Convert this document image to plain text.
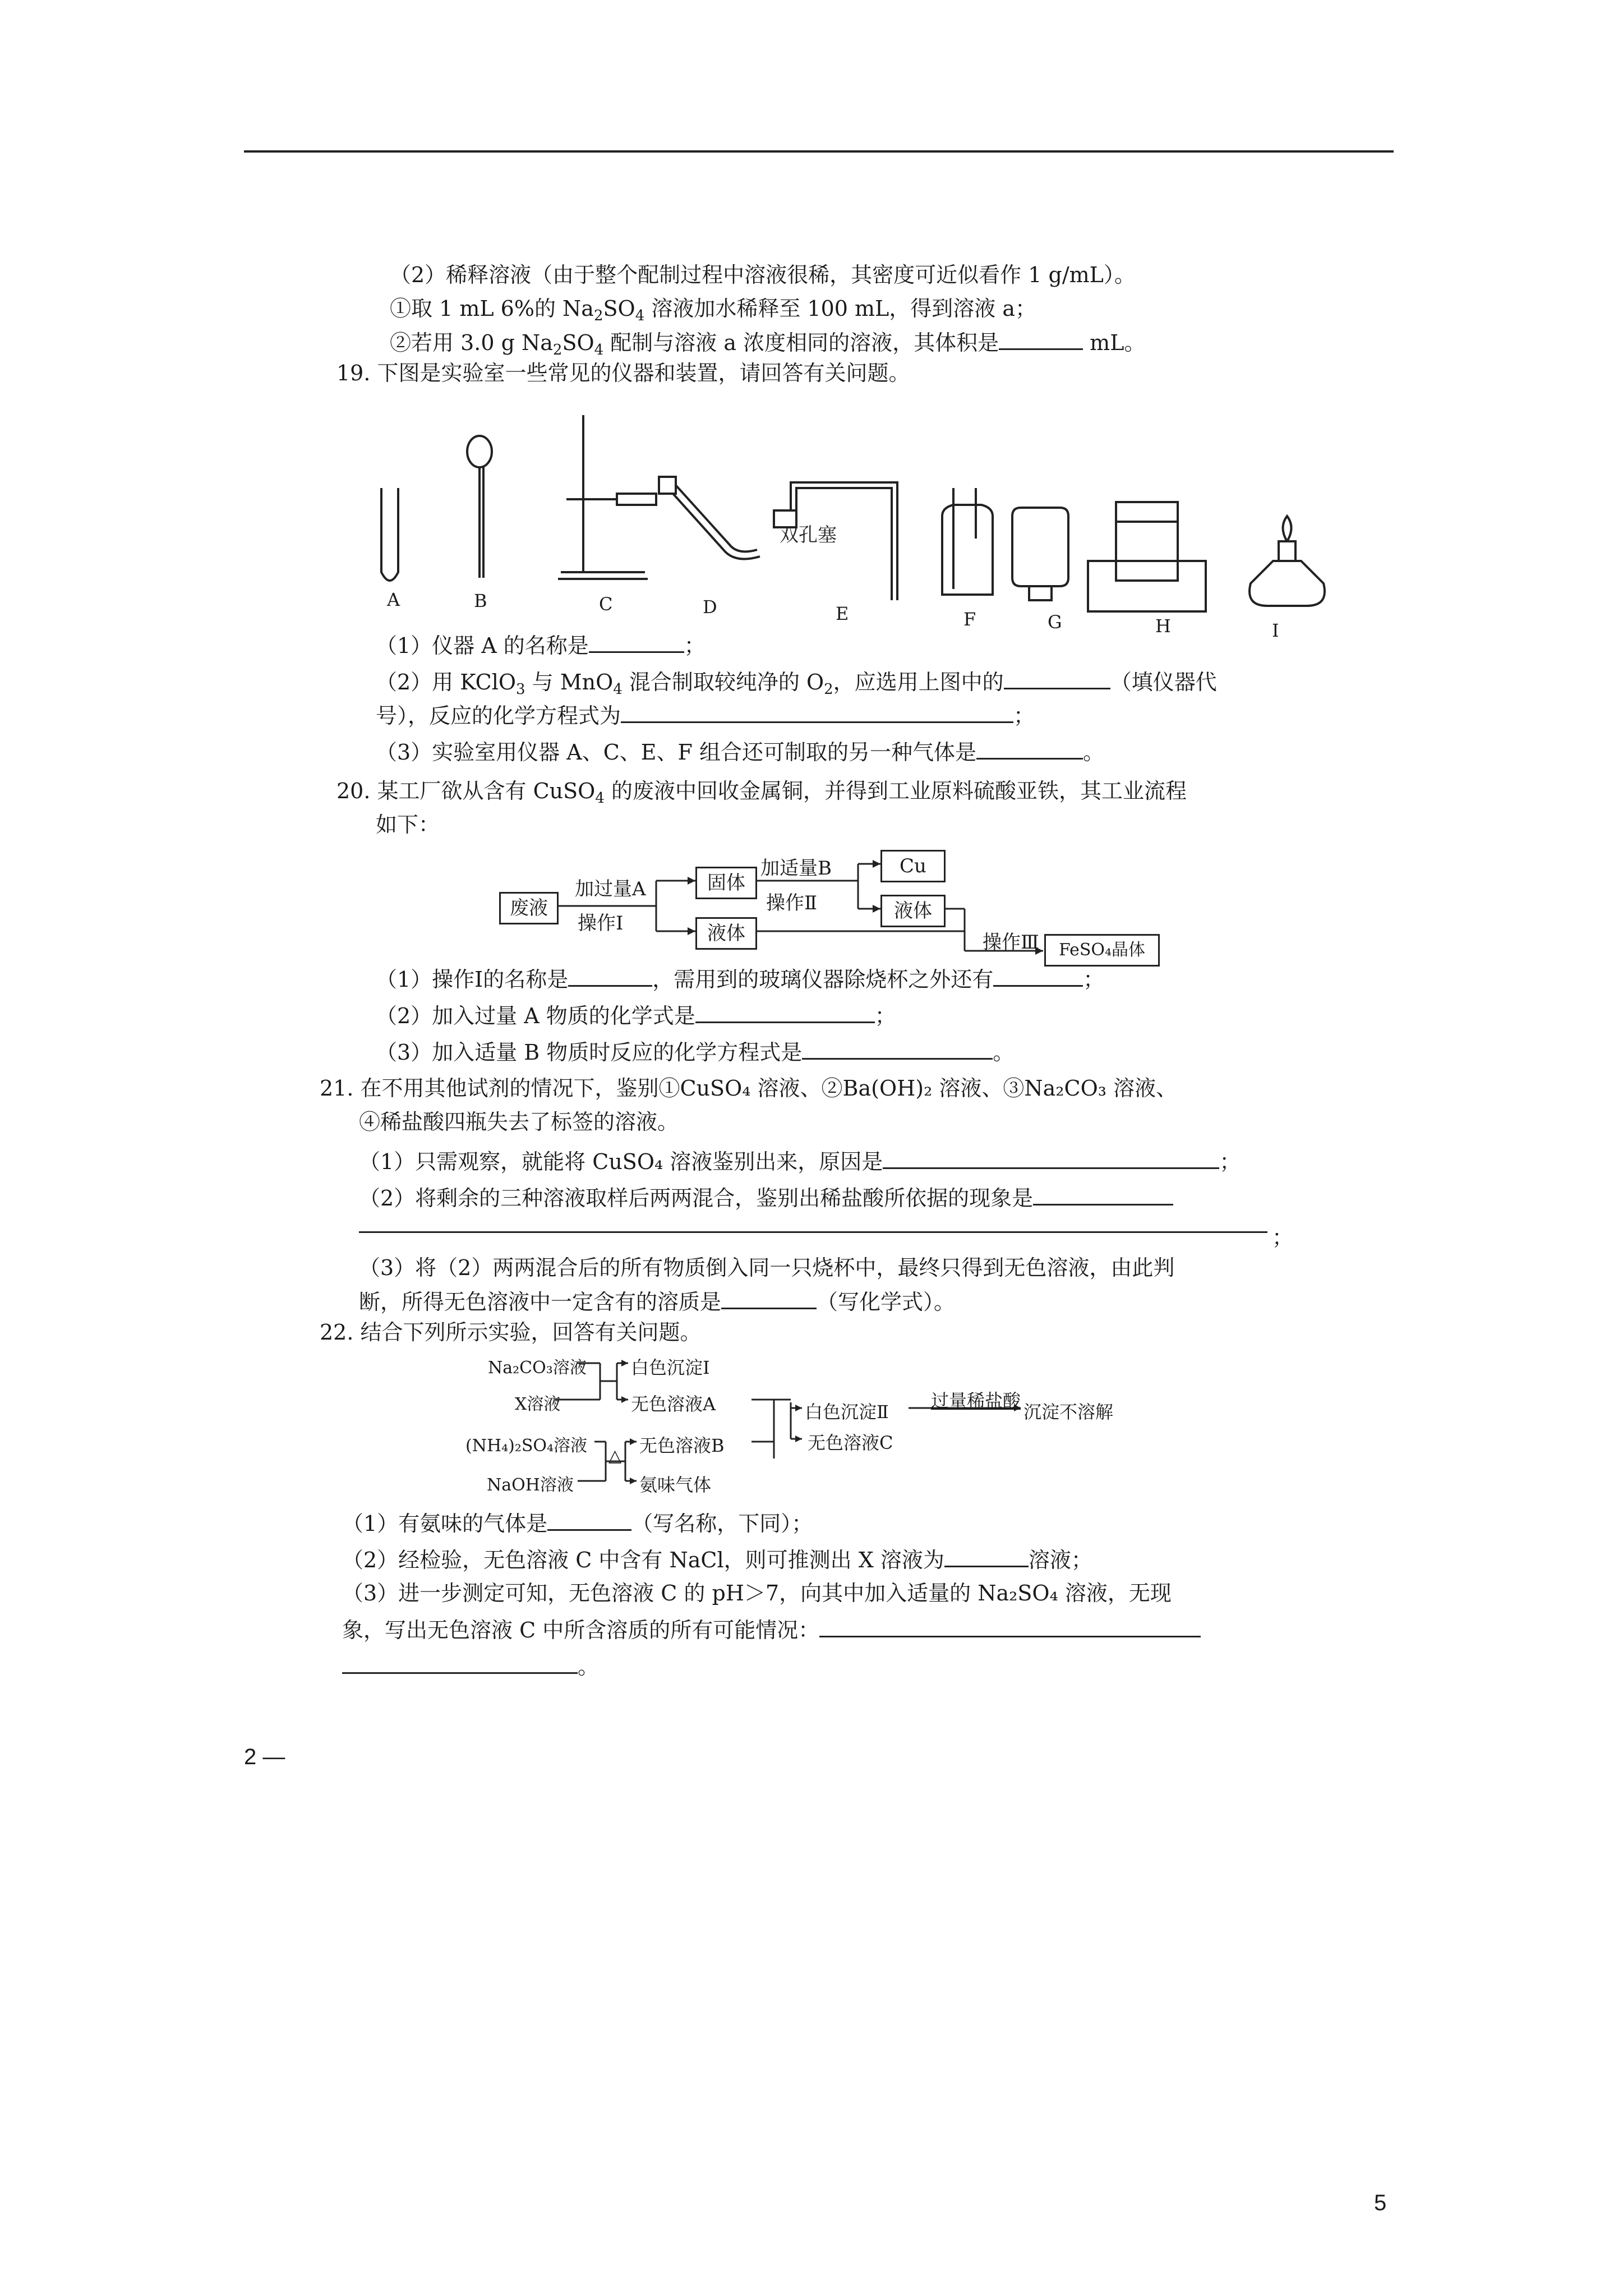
（2）稀释溶液（由于整个配制过程中溶液很稀，其密度可近似看作 1 g/mL）。
①取 1 mL 6%的 $Na_2SO_4$ 溶液加水稀释至 100 mL，得到溶液 a；
②若用 3.0 g $Na_2SO_4$ 配制与溶液 a 浓度相同的溶液，其体积是	mL。
19. 下图是实验室一些常见的仪器和装置，请回答有关问题。
双孔塞
A	B	C	D	E	F	G	H	I
（1）仪器 A 的名称是	；
（2）用 KClO$_3$ 与 MnO$_4$ 混合制取较纯净的 $O_2$，应选用上图中的	（填仪器代
号），反应的化学方程式为	；
（3）实验室用仪器 A、C、E、F 组合还可制取的另一种气体是	。
20. 某工厂欲从含有 CuSO$_4$ 的废液中回收金属铜，并得到工业原料硫酸亚铁，其工业流程
如下：
废液
加过量A
操作Ⅰ
固体
液体
加适量B
操作Ⅱ
Cu
液体
操作Ⅲ	FeSO₄晶体
（1）操作Ⅰ的名称是	，需用到的玻璃仪器除烧杯之外还有	；
（2）加入过量 A 物质的化学式是	；
（3）加入适量 B 物质时反应的化学方程式是	。
21. 在不用其他试剂的情况下，鉴别①CuSO₄ 溶液、②Ba(OH)₂ 溶液、③Na₂CO₃ 溶液、
④稀盐酸四瓶失去了标签的溶液。
（1）只需观察，就能将 CuSO₄ 溶液鉴别出来，原因是	；
（2）将剩余的三种溶液取样后两两混合，鉴别出稀盐酸所依据的现象是
；
（3）将（2）两两混合后的所有物质倒入同一只烧杯中，最终只得到无色溶液，由此判
断，所得无色溶液中一定含有的溶质是	（写化学式）。
22. 结合下列所示实验，回答有关问题。
Na₂CO₃溶液
X溶液
白色沉淀Ⅰ
无色溶液A	白色沉淀Ⅱ
过量稀盐酸
沉淀不溶解
(NH₄)₂SO₄溶液
NaOH溶液
△ 无色溶液B	无色溶液C
氨味气体
（1）有氨味的气体是	（写名称，下同）；
（2）经检验，无色溶液 C 中含有 NaCl，则可推测出 X 溶液为	溶液；
（3）进一步测定可知，无色溶液 C 的 pH＞7，向其中加入适量的 Na₂SO₄ 溶液，无现
象，写出无色溶液 C 中所含溶质的所有可能情况：
。
2 —
5
